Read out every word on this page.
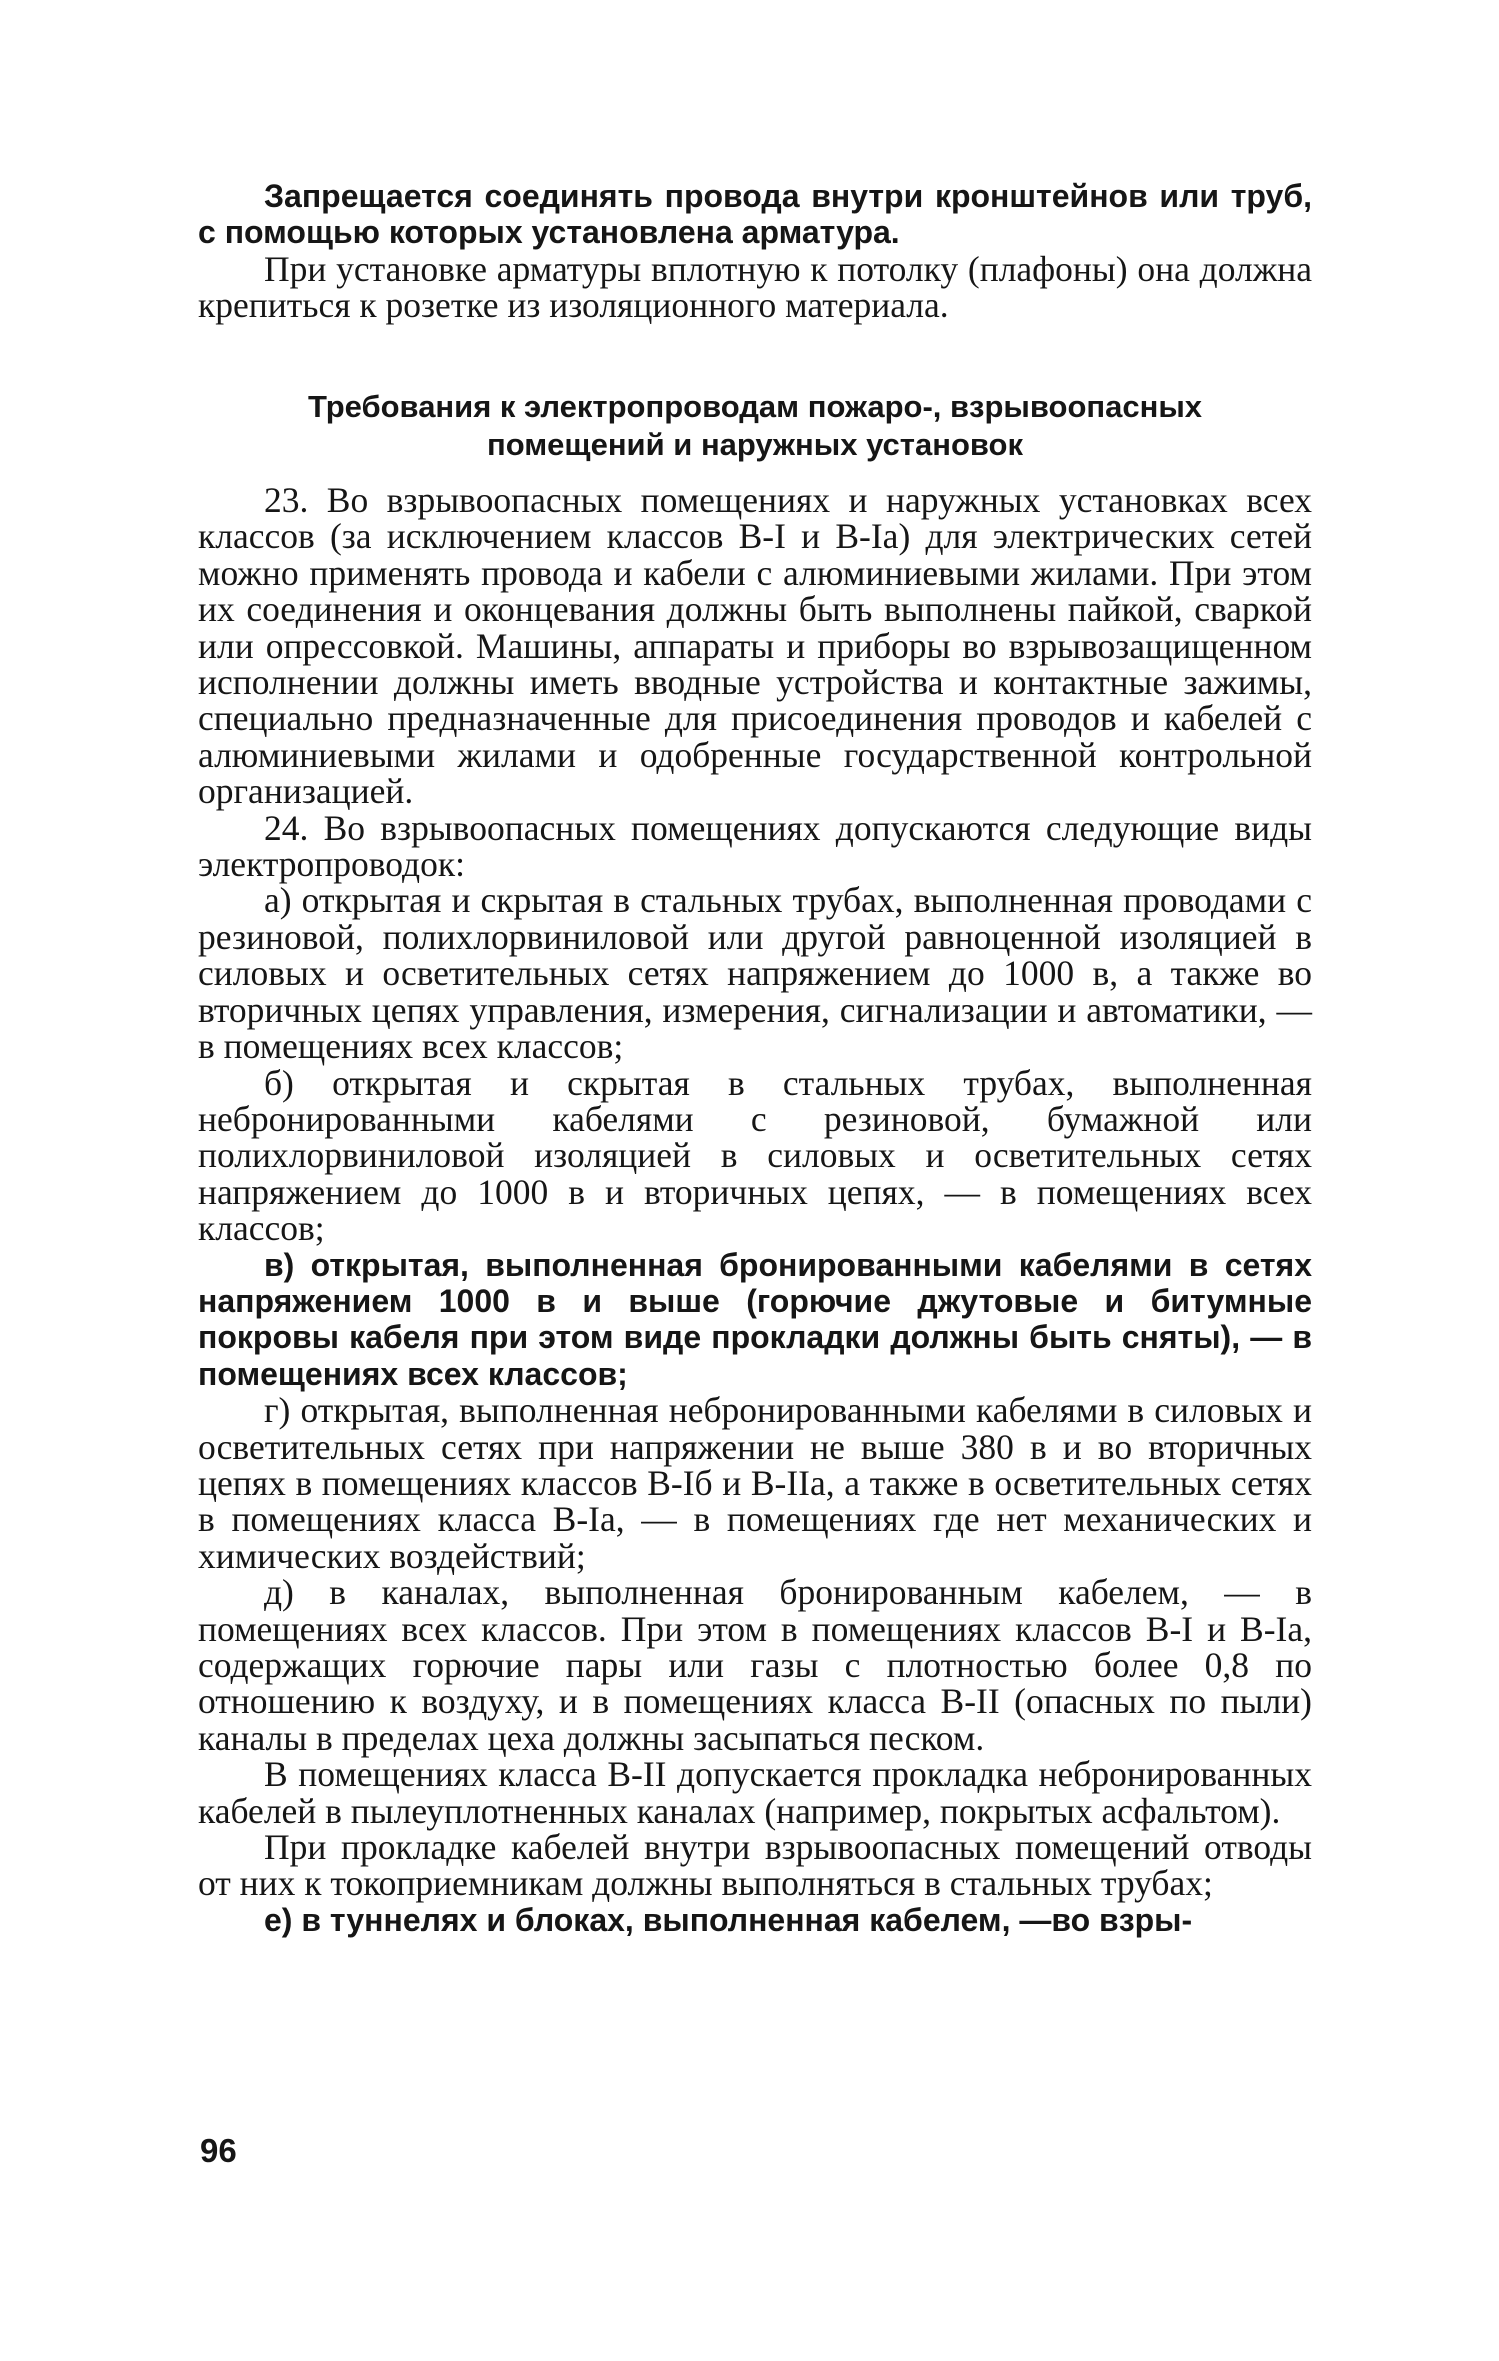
Запрещается соединять провода внутри кронштейнов или труб, с помощью которых установлена арматура.

При установке арматуры вплотную к потолку (плафоны) она должна крепиться к розетке из изоляционного материала.

Требования к электропроводам пожаро-, взрывоопасных помещений и наружных установок

23. Во взрывоопасных помещениях и наружных установках всех классов (за исключением классов В-I и В-Iа) для электрических сетей можно применять провода и кабели с алюминиевыми жилами. При этом их соединения и оконцевания должны быть выполнены пайкой, сваркой или опрессовкой. Машины, аппараты и приборы во взрывозащищенном исполнении должны иметь вводные устройства и контактные зажимы, специально предназначенные для присоединения проводов и кабелей с алюминиевыми жилами и одобренные государственной контрольной организацией.

24. Во взрывоопасных помещениях допускаются следующие виды электропроводок:

а) открытая и скрытая в стальных трубах, выполненная проводами с резиновой, полихлорвиниловой или другой равноценной изоляцией в силовых и осветительных сетях напряжением до 1000 в, а также во вторичных цепях управления, измерения, сигнализации и автоматики, — в помещениях всех классов;

б) открытая и скрытая в стальных трубах, выполненная небронированными кабелями с резиновой, бумажной или полихлорвиниловой изоляцией в силовых и осветительных сетях напряжением до 1000 в и вторичных цепях, — в помещениях всех классов;

в) открытая, выполненная бронированными кабелями в сетях напряжением 1000 в и выше (горючие джутовые и битумные покровы кабеля при этом виде прокладки должны быть сняты), — в помещениях всех классов;

г) открытая, выполненная небронированными кабелями в силовых и осветительных сетях при напряжении не выше 380 в и во вторичных цепях в помещениях классов В-Iб и В-IIа, а также в осветительных сетях в помещениях класса В-Iа, — в помещениях где нет механических и химических воздействий;

д) в каналах, выполненная бронированным кабелем, — в помещениях всех классов. При этом в помещениях классов В-I и В-Iа, содержащих горючие пары или газы с плотностью более 0,8 по отношению к воздуху, и в помещениях класса В-II (опасных по пыли) каналы в пределах цеха должны засыпаться песком.

В помещениях класса В-II допускается прокладка небронированных кабелей в пылеуплотненных каналах (например, покрытых асфальтом).

При прокладке кабелей внутри взрывоопасных помещений отводы от них к токоприемникам должны выполняться в стальных трубах;

е) в туннелях и блоках, выполненная кабелем, —во взры-

96
